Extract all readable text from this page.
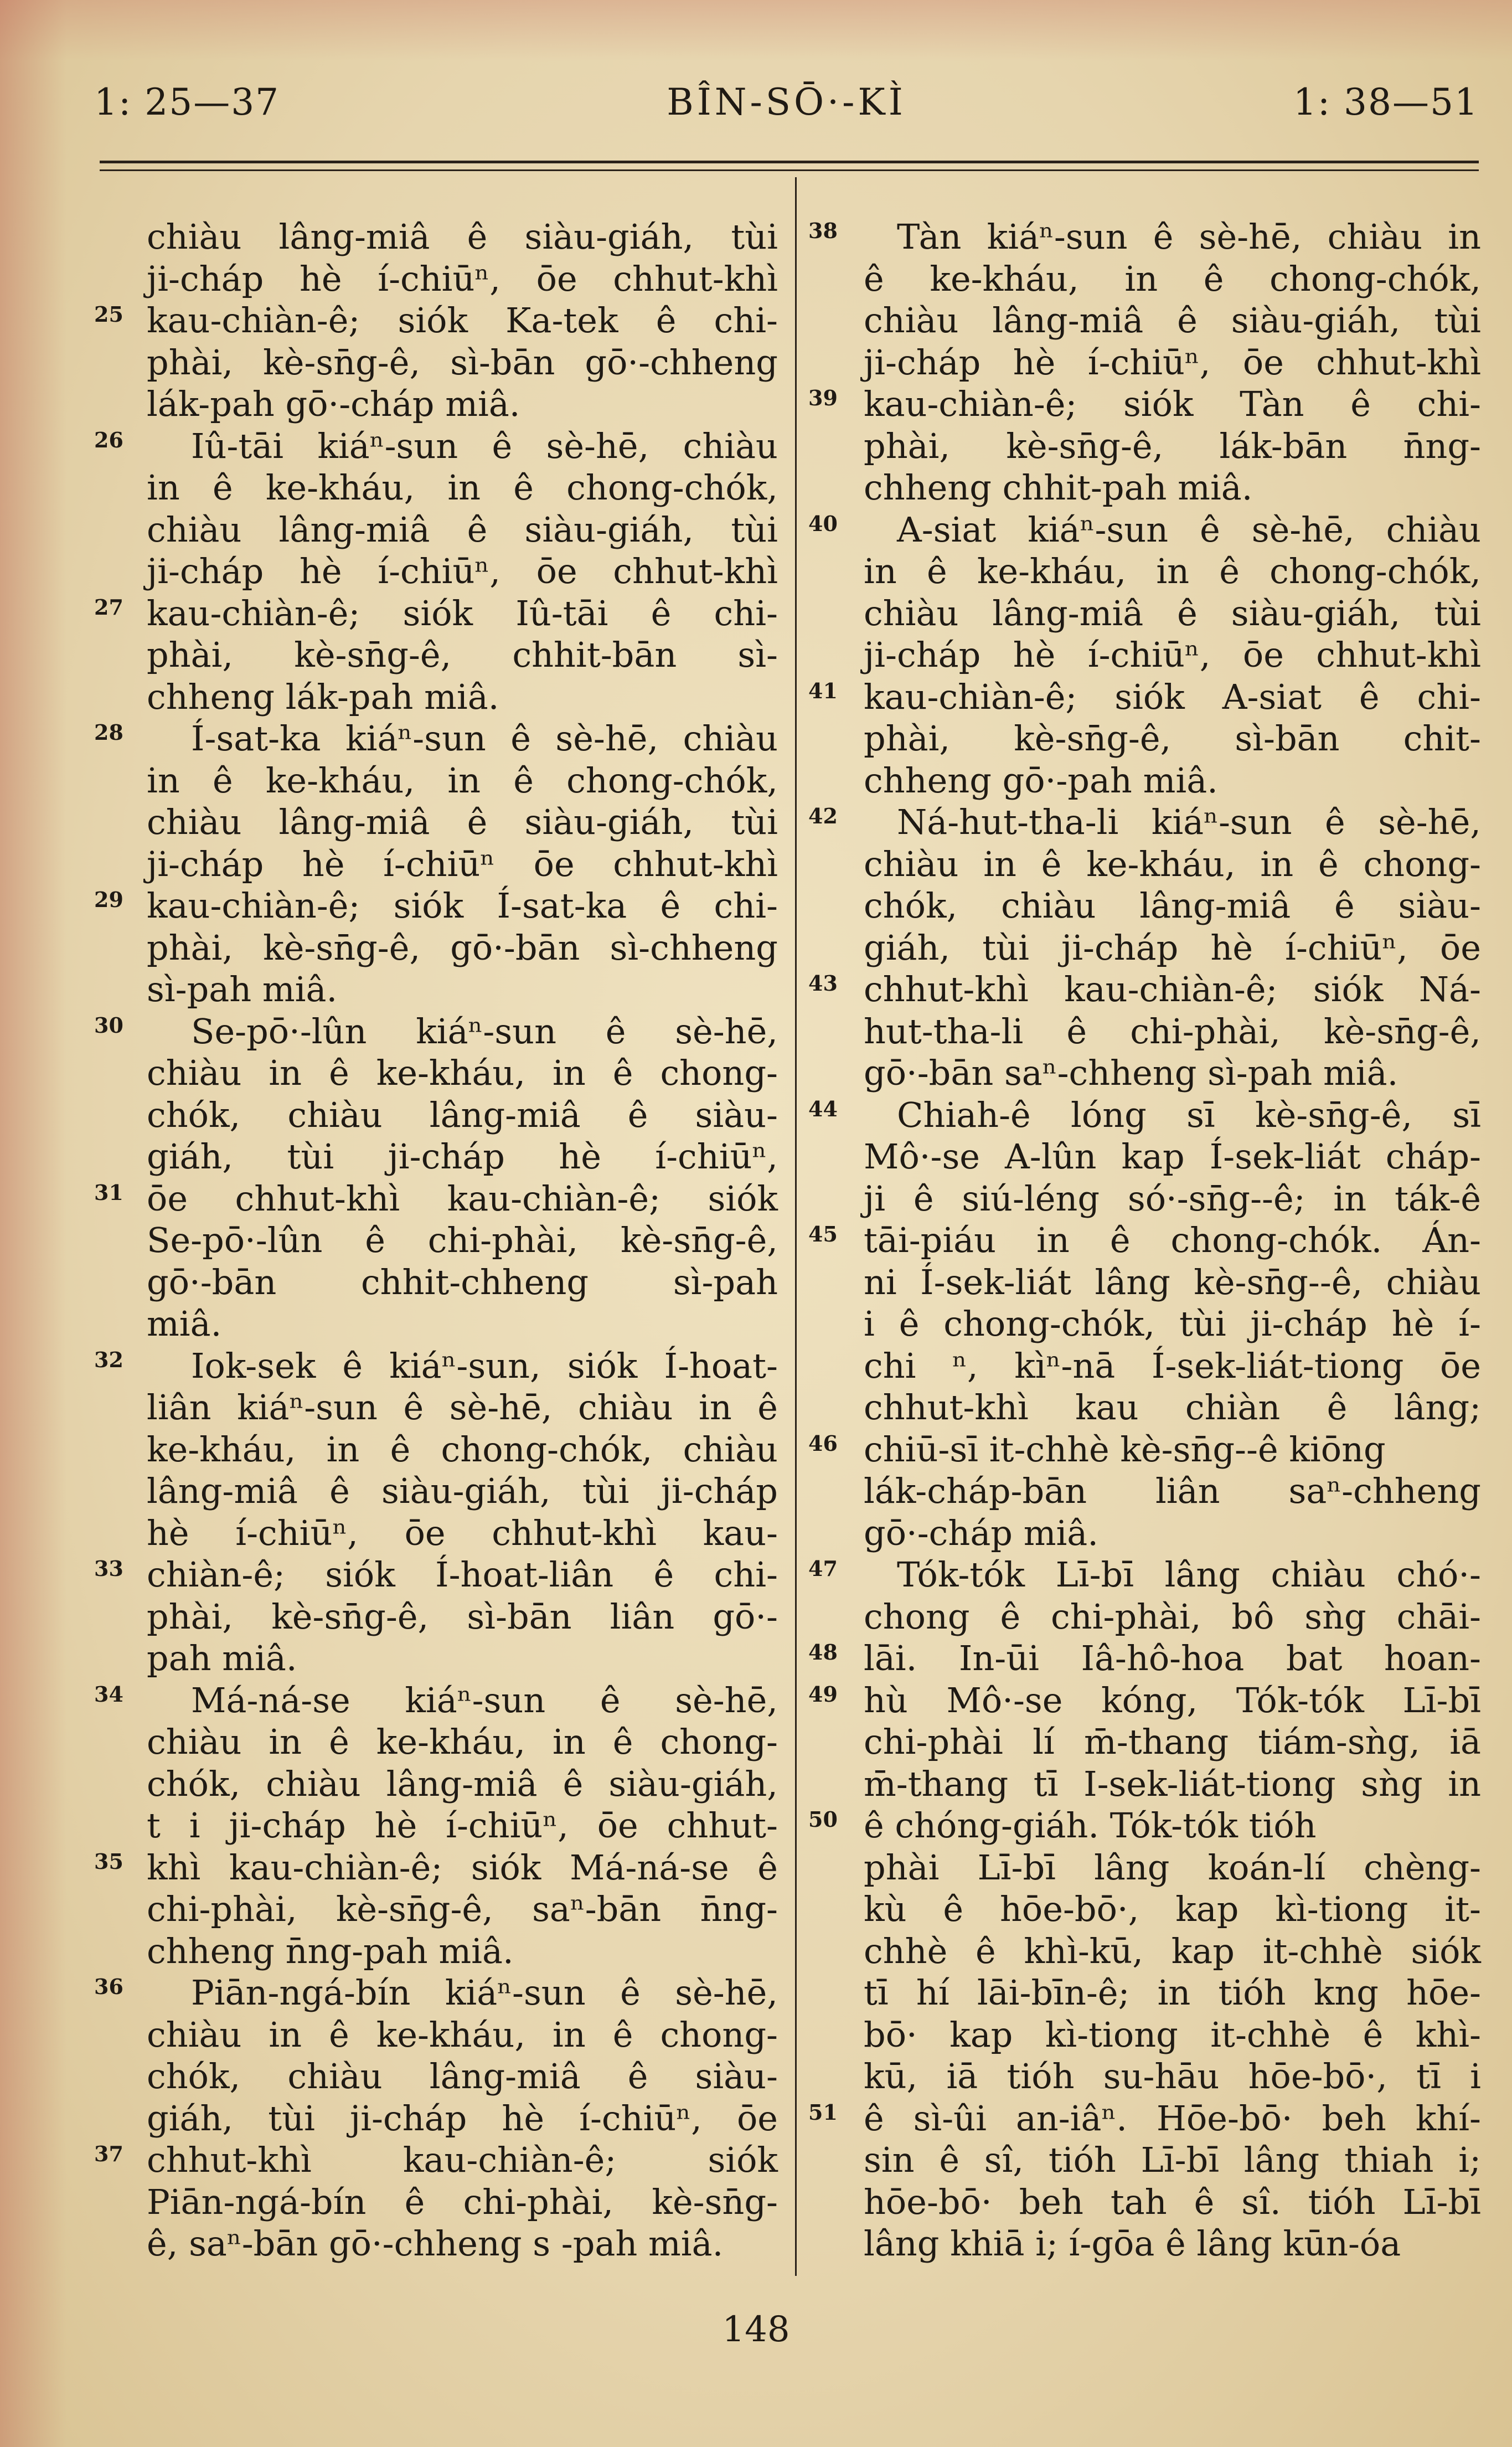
1: 25—37	BÎN-SŌ·-KÌ	1: 38—51
chiàu lâng-miâ ê siàu-giáh, tùi
ji-cháp hè í-chiūⁿ, ōe chhut-khì
25 kau-chiàn-ê; siók Ka-tek ê chi-
phài, kè-sn̄g-ê, sì-bān gō·-chheng
lák-pah gō·-cháp miâ.
26 Iû-tāi kiáⁿ-sun ê sè-hē, chiàu
in ê ke-kháu, in ê chong-chók,
chiàu lâng-miâ ê siàu-giáh, tùi
ji-cháp hè í-chiūⁿ, ōe chhut-khì
27 kau-chiàn-ê; siók Iû-tāi ê chi-
phài, kè-sn̄g-ê, chhit-bān sì-
chheng lák-pah miâ.
28 Í-sat-ka kiáⁿ-sun ê sè-hē, chiàu
in ê ke-kháu, in ê chong-chók,
chiàu lâng-miâ ê siàu-giáh, tùi
ji-cháp hè í-chiūⁿ ōe chhut-khì
29 kau-chiàn-ê; siók Í-sat-ka ê chi-
phài, kè-sn̄g-ê, gō·-bān sì-chheng
sì-pah miâ.
30 Se-pō·-lûn kiáⁿ-sun ê sè-hē,
chiàu in ê ke-kháu, in ê chong-
chók, chiàu lâng-miâ ê siàu-
giáh, tùi ji-cháp hè í-chiūⁿ,
31 ōe chhut-khì kau-chiàn-ê; siók
Se-pō·-lûn ê chi-phài, kè-sn̄g-ê,
gō·-bān chhit-chheng sì-pah
miâ.
32 Iok-sek ê kiáⁿ-sun, siók Í-hoat-
liân kiáⁿ-sun ê sè-hē, chiàu in ê
ke-kháu, in ê chong-chók, chiàu
lâng-miâ ê siàu-giáh, tùi ji-cháp
hè í-chiūⁿ, ōe chhut-khì kau-
33 chiàn-ê; siók Í-hoat-liân ê chi-
phài, kè-sn̄g-ê, sì-bān liân gō·-
pah miâ.
34 Má-ná-se kiáⁿ-sun ê sè-hē,
chiàu in ê ke-kháu, in ê chong-
chók, chiàu lâng-miâ ê siàu-giáh,
t i ji-cháp hè í-chiūⁿ, ōe chhut-
35 khì kau-chiàn-ê; siók Má-ná-se ê
chi-phài, kè-sn̄g-ê, saⁿ-bān n̄ng-
chheng n̄ng-pah miâ.
36 Piān-ngá-bín kiáⁿ-sun ê sè-hē,
chiàu in ê ke-kháu, in ê chong-
chók, chiàu lâng-miâ ê siàu-
giáh, tùi ji-cháp hè í-chiūⁿ, ōe
37 chhut-khì kau-chiàn-ê; siók
Piān-ngá-bín ê chi-phài, kè-sn̄g-
ê, saⁿ-bān gō·-chheng s -pah miâ.
38 Tàn kiáⁿ-sun ê sè-hē, chiàu in
ê ke-kháu, in ê chong-chók,
chiàu lâng-miâ ê siàu-giáh, tùi
ji-cháp hè í-chiūⁿ, ōe chhut-khì
39 kau-chiàn-ê; siók Tàn ê chi-
phài, kè-sn̄g-ê, lák-bān n̄ng-
chheng chhit-pah miâ.
40 A-siat kiáⁿ-sun ê sè-hē, chiàu
in ê ke-kháu, in ê chong-chók,
chiàu lâng-miâ ê siàu-giáh, tùi
ji-cháp hè í-chiūⁿ, ōe chhut-khì
41 kau-chiàn-ê; siók A-siat ê chi-
phài, kè-sn̄g-ê, sì-bān chit-
chheng gō·-pah miâ.
42 Ná-hut-tha-li kiáⁿ-sun ê sè-hē,
chiàu in ê ke-kháu, in ê chong-
chók, chiàu lâng-miâ ê siàu-
giáh, tùi ji-cháp hè í-chiūⁿ, ōe
43 chhut-khì kau-chiàn-ê; siók Ná-
hut-tha-li ê chi-phài, kè-sn̄g-ê,
gō·-bān saⁿ-chheng sì-pah miâ.
44 Chiah-ê lóng sī kè-sn̄g-ê, sī
Mô·-se A-lûn kap Í-sek-liát cháp-
ji ê siú-léng só·-sn̄g--ê; in ták-ê
45 tāi-piáu in ê chong-chók. Án-
ni Í-sek-liát lâng kè-sn̄g--ê, chiàu
i ê chong-chók, tùi ji-cháp hè í-
chi ⁿ, kìⁿ-nā Í-sek-liát-tiong ōe
chhut-khì kau chiàn ê lâng;
46 chiū-sī it-chhè kè-sn̄g--ê kiōng
lák-cháp-bān liân saⁿ-chheng
gō·-cháp miâ.
47 Tók-tók Lī-bī lâng chiàu chó·-
chong ê chi-phài, bô sǹg chāi-
48 lāi. In-ūi Iâ-hô-hoa bat hoan-
49 hù Mô·-se kóng, Tók-tók Lī-bī
chi-phài lí m̄-thang tiám-sǹg, iā
m̄-thang tī I-sek-liát-tiong sǹg in
50 ê chóng-giáh. Tók-tók tióh
phài Lī-bī lâng koán-lí chèng-
kù ê hōe-bō·, kap kì-tiong it-
chhè ê khì-kū, kap it-chhè siók
tī hí lāi-bīn-ê; in tióh kng hōe-
bō· kap kì-tiong it-chhè ê khì-
kū, iā tióh su-hāu hōe-bō·, tī i
51 ê sì-ûi an-iâⁿ. Hōe-bō· beh khí-
sin ê sî, tióh Lī-bī lâng thiah i;
hōe-bō· beh tah ê sî. tióh Lī-bī
lâng khiā i; í-gōa ê lâng kūn-óa
148
